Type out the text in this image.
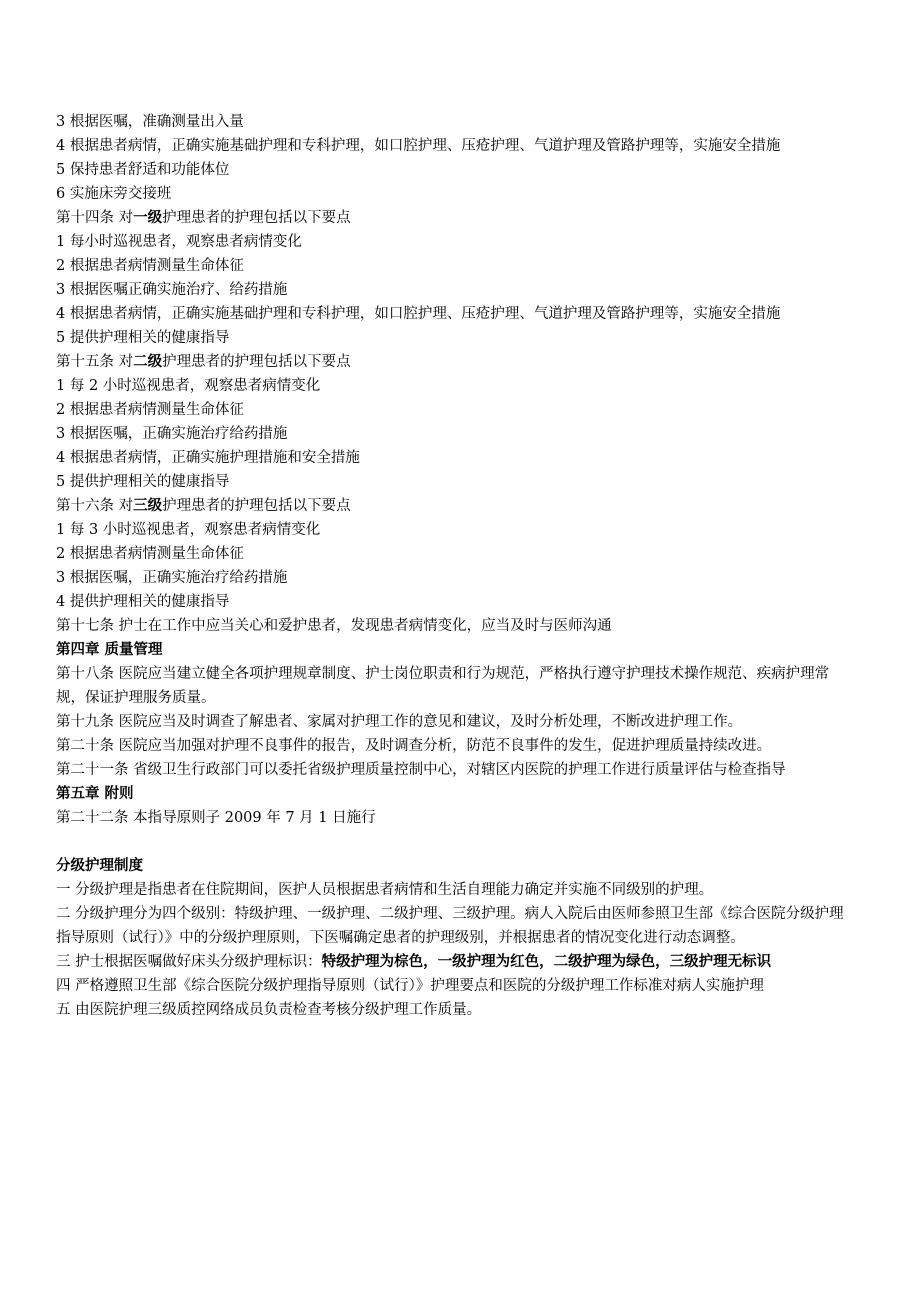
3 根据医嘱，准确测量出入量
4 根据患者病情，正确实施基础护理和专科护理，如口腔护理、压疮护理、气道护理及管路护理等，实施安全措施
5 保持患者舒适和功能体位
6 实施床旁交接班
第十四条 对一级护理患者的护理包括以下要点
1 每小时巡视患者，观察患者病情变化
2 根据患者病情测量生命体征
3 根据医嘱正确实施治疗、给药措施
4 根据患者病情，正确实施基础护理和专科护理，如口腔护理、压疮护理、气道护理及管路护理等，实施安全措施
5 提供护理相关的健康指导
第十五条 对二级护理患者的护理包括以下要点
1 每 2 小时巡视患者，观察患者病情变化
2 根据患者病情测量生命体征
3 根据医嘱，正确实施治疗给药措施
4 根据患者病情，正确实施护理措施和安全措施
5 提供护理相关的健康指导
第十六条 对三级护理患者的护理包括以下要点
1 每 3 小时巡视患者，观察患者病情变化
2 根据患者病情测量生命体征
3 根据医嘱，正确实施治疗给药措施
4 提供护理相关的健康指导
第十七条 护士在工作中应当关心和爱护患者，发现患者病情变化，应当及时与医师沟通
第四章 质量管理
第十八条 医院应当建立健全各项护理规章制度、护士岗位职责和行为规范，严格执行遵守护理技术操作规范、疾病护理常规，保证护理服务质量。
第十九条 医院应当及时调查了解患者、家属对护理工作的意见和建议，及时分析处理，不断改进护理工作。
第二十条 医院应当加强对护理不良事件的报告，及时调查分析，防范不良事件的发生，促进护理质量持续改进。
第二十一条 省级卫生行政部门可以委托省级护理质量控制中心，对辖区内医院的护理工作进行质量评估与检查指导
第五章 附则
第二十二条 本指导原则子 2009 年 7 月 1 日施行
分级护理制度
一 分级护理是指患者在住院期间，医护人员根据患者病情和生活自理能力确定并实施不同级别的护理。
二 分级护理分为四个级别：特级护理、一级护理、二级护理、三级护理。病人入院后由医师参照卫生部《综合医院分级护理指导原则（试行）》中的分级护理原则，下医嘱确定患者的护理级别，并根据患者的情况变化进行动态调整。
三 护士根据医嘱做好床头分级护理标识：特级护理为棕色，一级护理为红色，二级护理为绿色，三级护理无标识
四 严格遵照卫生部《综合医院分级护理指导原则（试行）》护理要点和医院的分级护理工作标准对病人实施护理
五 由医院护理三级质控网络成员负责检查考核分级护理工作质量。
